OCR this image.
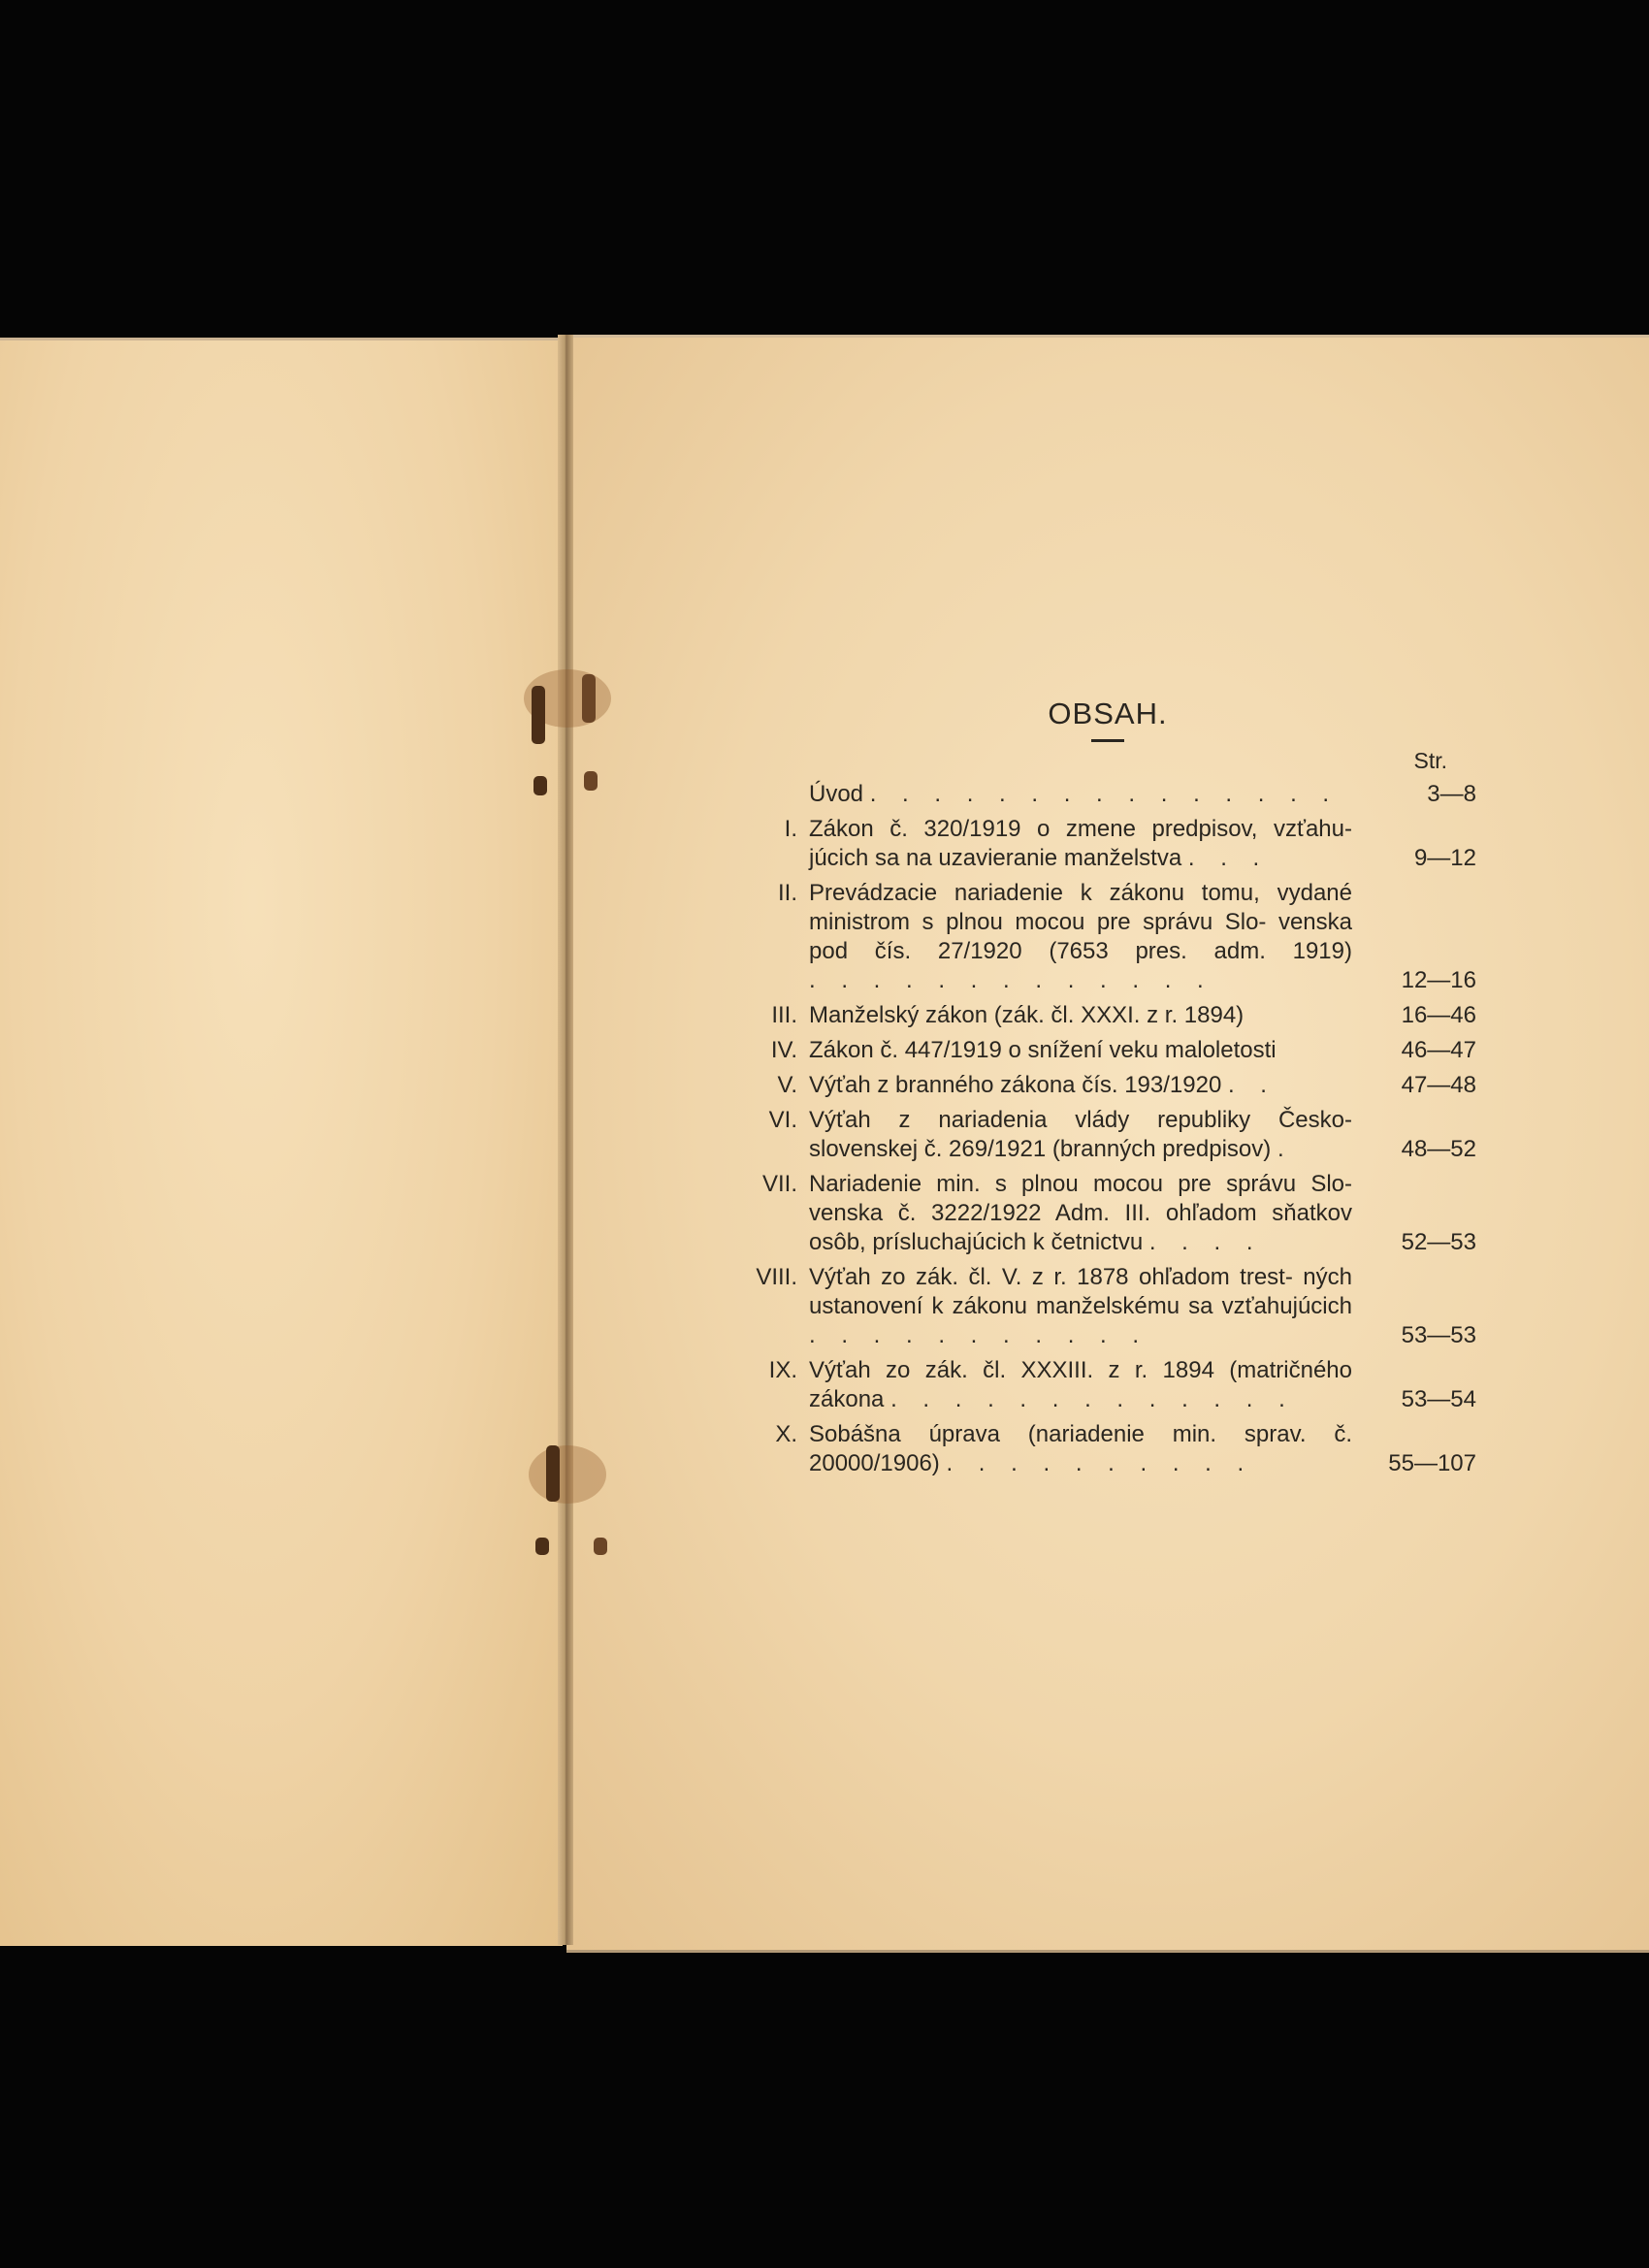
OBSAH.
Str.
Úvod . . . . . . . . . . . . . . .	3—8
I. Zákon č. 320/1919 o zmene predpisov, vzťahu- júcich sa na uzavieranie manželstva . . .	9—12
II. Prevádzacie nariadenie k zákonu tomu, vydané ministrom s plnou mocou pre správu Slo- venska pod čís. 27/1920 (7653 pres. adm. 1919) . . . . . . . . . . . . .	12—16
III. Manželský zákon (zák. čl. XXXI. z r. 1894)	16—46
IV. Zákon č. 447/1919 o snížení veku maloletosti	46—47
V. Výťah z branného zákona čís. 193/1920 . .	47—48
VI. Výťah z nariadenia vlády republiky Česko- slovenskej č. 269/1921 (branných predpisov) .	48—52
VII. Nariadenie min. s plnou mocou pre správu Slo- venska č. 3222/1922 Adm. III. ohľadom sňatkov osôb, prísluchajúcich k četnictvu . . . .	52—53
VIII. Výťah zo zák. čl. V. z r. 1878 ohľadom trest- ných ustanovení k zákonu manželskému sa vzťahujúcich . . . . . . . . . . .	53—53
IX. Výťah zo zák. čl. XXXIII. z r. 1894 (matričného zákona . . . . . . . . . . . . .	53—54
X. Sobášna úprava (nariadenie min. sprav. č. 20000/1906) . . . . . . . . . .	55—107
